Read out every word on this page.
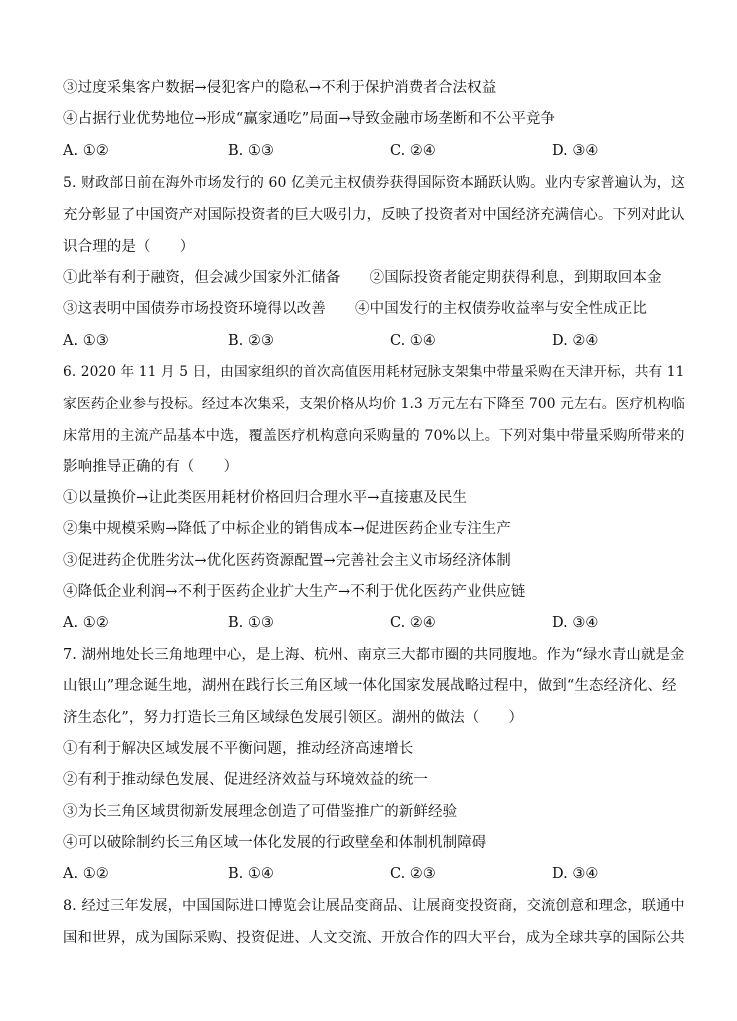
③过度采集客户数据→侵犯客户的隐私→不利于保护消费者合法权益
④占据行业优势地位→形成“赢家通吃”局面→导致金融市场垄断和不公平竞争
A. ①②	B. ①③	C. ②④	D. ③④
5. 财政部日前在海外市场发行的 60 亿美元主权债券获得国际资本踊跃认购。业内专家普遍认为，这
充分彰显了中国资产对国际投资者的巨大吸引力，反映了投资者对中国经济充满信心。下列对此认
识合理的是（　　）
①此举有利于融资，但会减少国家外汇储备　　②国际投资者能定期获得利息，到期取回本金
③这表明中国债券市场投资环境得以改善　　④中国发行的主权债券收益率与安全性成正比
A. ①③	B. ②③	C. ①④	D. ②④
6. 2020 年 11 月 5 日，由国家组织的首次高值医用耗材冠脉支架集中带量采购在天津开标，共有 11
家医药企业参与投标。经过本次集采，支架价格从均价 1.3 万元左右下降至 700 元左右。医疗机构临
床常用的主流产品基本中选，覆盖医疗机构意向采购量的 70%以上。下列对集中带量采购所带来的
影响推导正确的有（　　）
①以量换价→让此类医用耗材价格回归合理水平→直接惠及民生
②集中规模采购→降低了中标企业的销售成本→促进医药企业专注生产
③促进药企优胜劣汰→优化医药资源配置→完善社会主义市场经济体制
④降低企业利润→不利于医药企业扩大生产→不利于优化医药产业供应链
A. ①②	B. ①③	C. ②④	D. ③④
7. 湖州地处长三角地理中心，是上海、杭州、南京三大都市圈的共同腹地。作为“绿水青山就是金
山银山”理念诞生地，湖州在践行长三角区域一体化国家发展战略过程中，做到“生态经济化、经
济生态化”，努力打造长三角区域绿色发展引领区。湖州的做法（　　）
①有利于解决区域发展不平衡问题，推动经济高速增长
②有利于推动绿色发展、促进经济效益与环境效益的统一
③为长三角区域贯彻新发展理念创造了可借鉴推广的新鲜经验
④可以破除制约长三角区域一体化发展的行政壁垒和体制机制障碍
A. ①②	B. ①④	C. ②③	D. ③④
8. 经过三年发展，中国国际进口博览会让展品变商品、让展商变投资商，交流创意和理念，联通中
国和世界，成为国际采购、投资促进、人文交流、开放合作的四大平台，成为全球共享的国际公共
